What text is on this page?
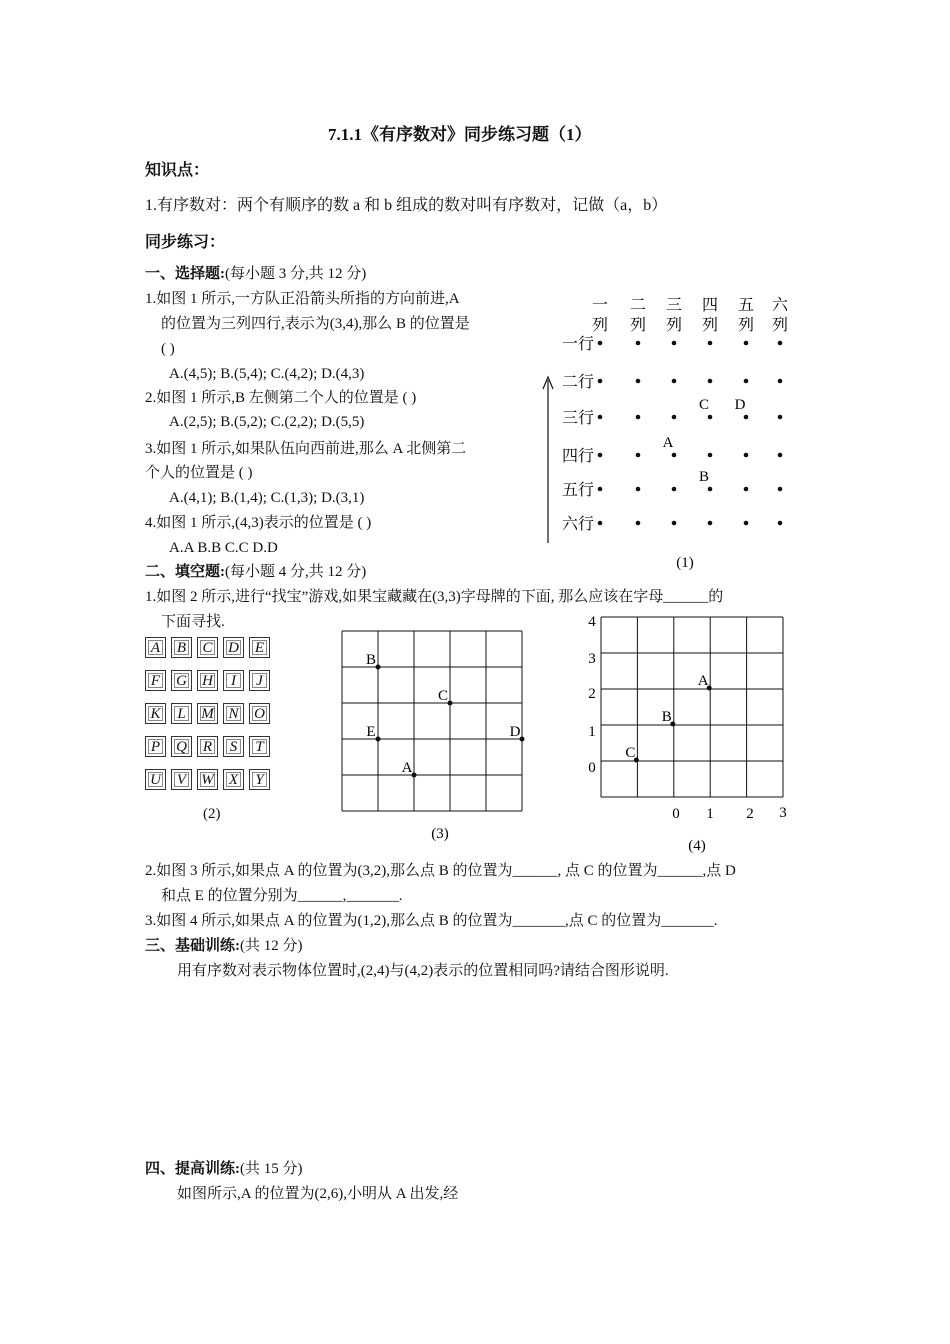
7.1.1《有序数对》同步练习题（1）
知识点：
1.有序数对：两个有顺序的数 a 和 b 组成的数对叫有序数对，记做（a，b）
同步练习：
一、选择题:(每小题 3 分,共 12 分)
1.如图 1 所示,一方队正沿箭头所指的方向前进,A
的位置为三列四行,表示为(3,4),那么 B 的位置是
( )
A.(4,5); B.(5,4); C.(4,2); D.(4,3)
2.如图 1 所示,B 左侧第二个人的位置是 ( )
A.(2,5); B.(5,2); C.(2,2); D.(5,5)
3.如图 1 所示,如果队伍向西前进,那么 A 北侧第二
个人的位置是 ( )
A.(4,1); B.(1,4); C.(1,3); D.(3,1)
4.如图 1 所示,(4,3)表示的位置是 ( )
A.A B.B C.C D.D
一
列
二
列
三
列
四
列
五
列
六
列
一行
二行
三行
四行
五行
六行
A
B
C D
(1)
二、填空题:(每小题 4 分,共 12 分)
1.如图 2 所示,进行“找宝”游戏,如果宝藏藏在(3,3)字母牌的下面, 那么应该在字母______的
下面寻找.
A	B	C	D	E
F	G	H	I	J
K	L	M N	O
P	Q	R	S	T
U	V	W	X	Y
(2)
B
C
E	D
A
(3)
4
3
2
1
0
0 1 2 3
A
B
C
(4)
2.如图 3 所示,如果点 A 的位置为(3,2),那么点 B 的位置为______, 点 C 的位置为______,点 D
和点 E 的位置分别为______,_______.
3.如图 4 所示,如果点 A 的位置为(1,2),那么点 B 的位置为_______,点 C 的位置为_______.
三、基础训练:(共 12 分)
用有序数对表示物体位置时,(2,4)与(4,2)表示的位置相同吗?请结合图形说明.
四、提高训练:(共 15 分)
如图所示,A 的位置为(2,6),小明从 A 出发,经
